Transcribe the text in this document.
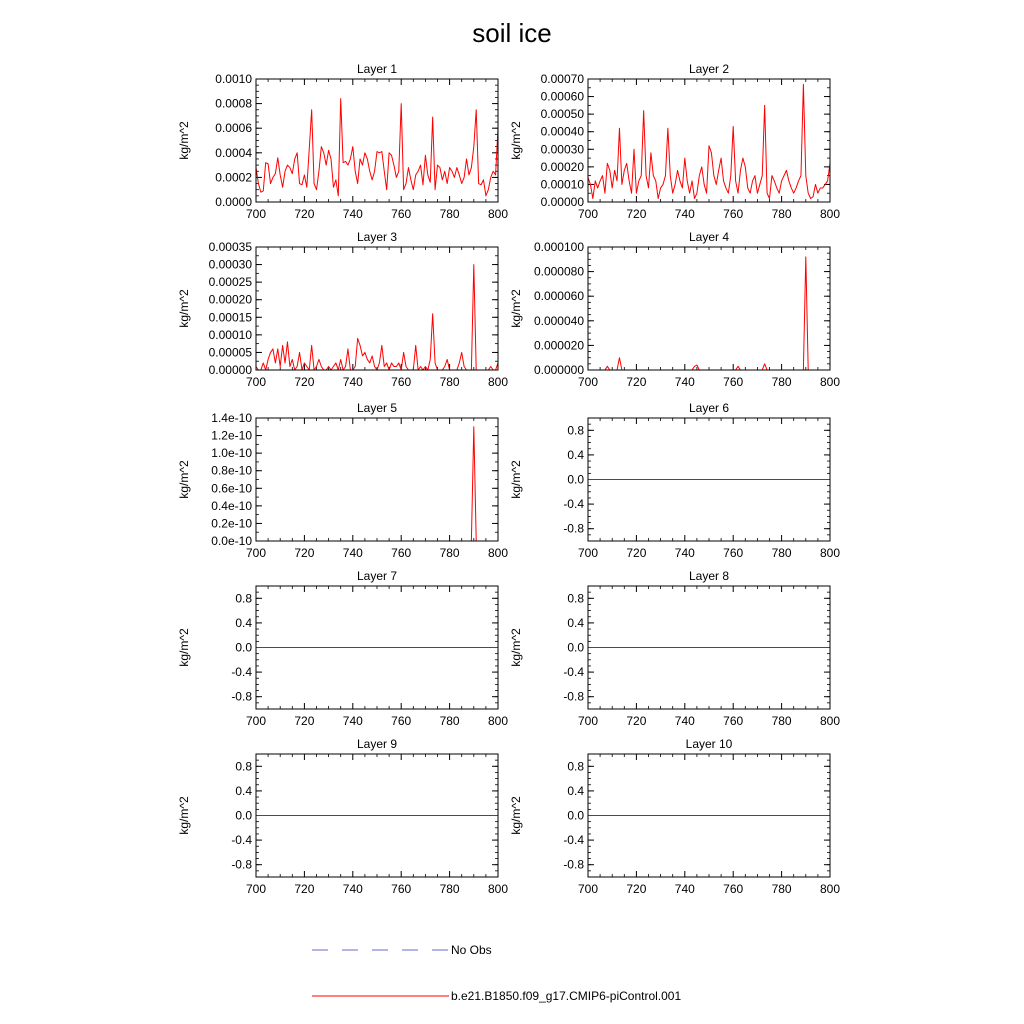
soil ice
Layer 1
kg/m^2
700 720 740 760 780 800
0.0000
0.0002
0.0004
0.0006
0.0008
0.0010
Layer 2
kg/m^2
700 720 740 760 780 800
0.00000
0.00010
0.00020
0.00030
0.00040
0.00050
0.00060
0.00070
Layer 3
kg/m^2
700 720 740 760 780 800
0.00000
0.00005
0.00010
0.00015
0.00020
0.00025
0.00030
0.00035
Layer 4
kg/m^2
700 720 740 760 780 800
0.000000
0.000020
0.000040
0.000060
0.000080
0.000100
Layer 5
kg/m^2
700 720 740 760 780 800
0.0e-10
0.2e-10
0.4e-10
0.6e-10
0.8e-10
1.0e-10
1.2e-10
1.4e-10
Layer 6
kg/m^2
700 720 740 760 780 800
-0.8
-0.4
0.0
0.4
0.8
Layer 7
kg/m^2
700 720 740 760 780 800
-0.8
-0.4
0.0
0.4
0.8
Layer 8
kg/m^2
700 720 740 760 780 800
-0.8
-0.4
0.0
0.4
0.8
Layer 9
kg/m^2
700 720 740 760 780 800
-0.8
-0.4
0.0
0.4
0.8
Layer 10
kg/m^2
700 720 740 760 780 800
-0.8
-0.4
0.0
0.4
0.8
No Obs
b.e21.B1850.f09_g17.CMIP6-piControl.001
